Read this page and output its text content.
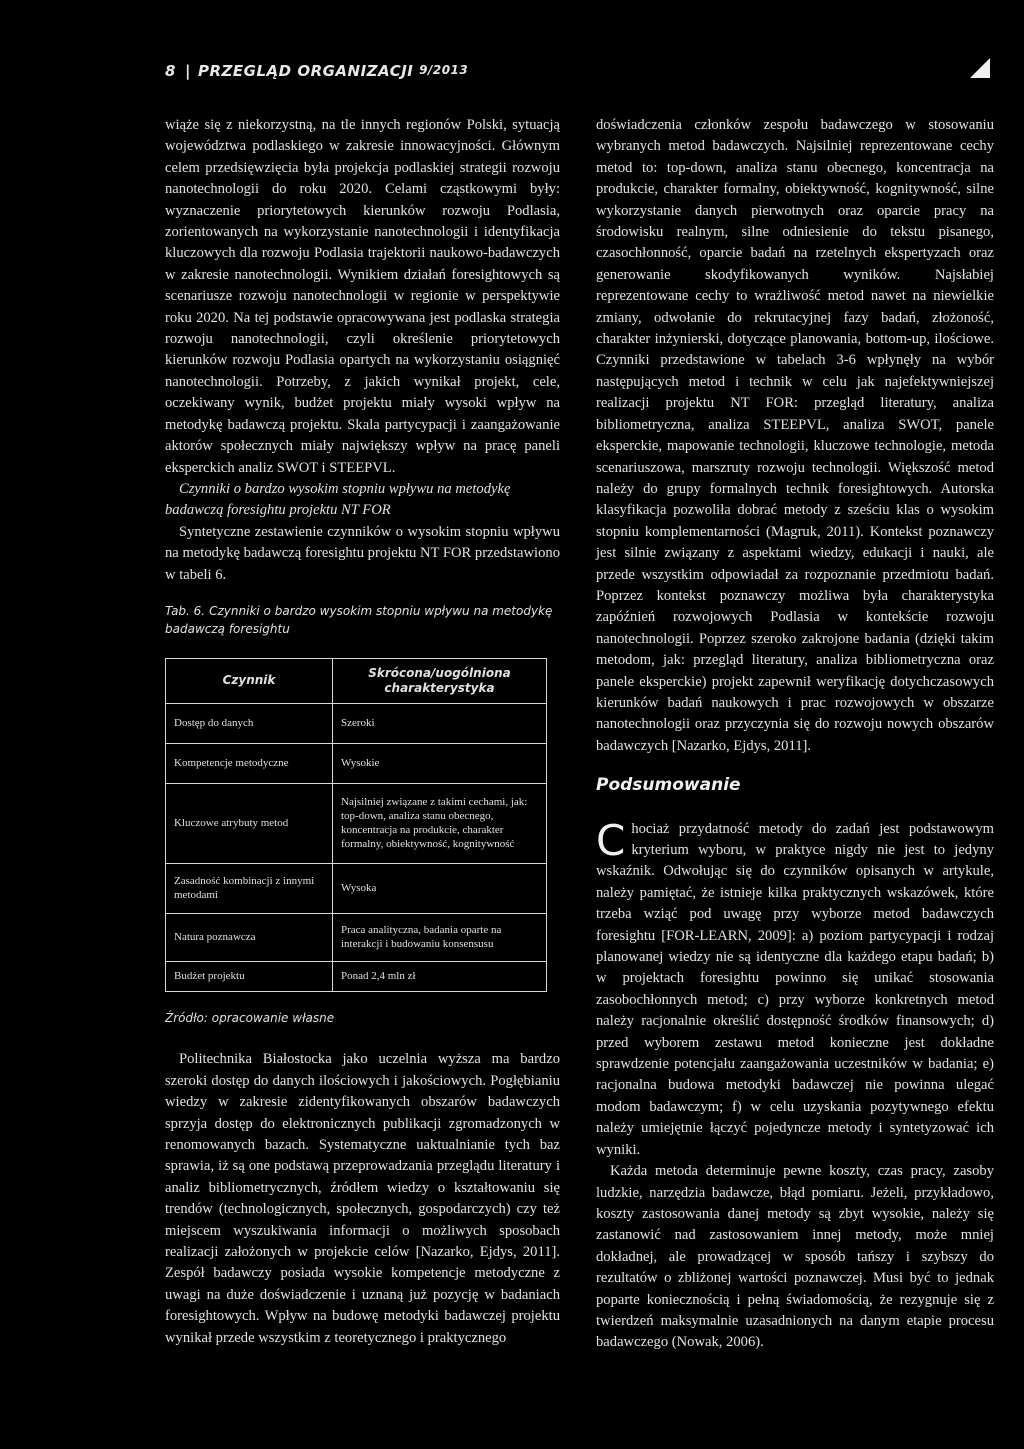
8 | PRZEGLĄD ORGANIZACJI 9/2013

wiąże się z niekorzystną, na tle innych regionów Polski, sytuacją województwa podlaskiego w zakresie innowacyjności. Głównym celem przedsięwzięcia była projekcja podlaskiej strategii rozwoju nanotechnologii do roku 2020. Celami cząstkowymi były: wyznaczenie priorytetowych kierunków rozwoju Podlasia, zorientowanych na wykorzystanie nanotechnologii i identyfikacja kluczowych dla rozwoju Podlasia trajektorii naukowo-badawczych w zakresie nanotechnologii. Wynikiem działań foresightowych są scenariusze rozwoju nanotechnologii w regionie w perspektywie roku 2020. Na tej podstawie opracowywana jest podlaska strategia rozwoju nanotechnologii, czyli określenie priorytetowych kierunków rozwoju Podlasia opartych na wykorzystaniu osiągnięć nanotechnologii. Potrzeby, z jakich wynikał projekt, cele, oczekiwany wynik, budżet projektu miały wysoki wpływ na metodykę badawczą projektu. Skala partycypacji i zaangażowanie aktorów społecznych miały największy wpływ na pracę paneli eksperckich analiz SWOT i STEEPVL.

Czynniki o bardzo wysokim stopniu wpływu na metodykę badawczą foresightu projektu NT FOR

Syntetyczne zestawienie czynników o wysokim stopniu wpływu na metodykę badawczą foresightu projektu NT FOR przedstawiono w tabeli 6.

Tab. 6. Czynniki o bardzo wysokim stopniu wpływu na metodykę badawczą foresightu
Czynnik	Skrócona/uogólniona charakterystyka
Dostęp do danych	Szeroki
Kompetencje metodyczne	Wysokie
Kluczowe atrybuty metod	Najsilniej związane z takimi cechami, jak: top-down, analiza stanu obecnego, koncentracja na produkcie, charakter formalny, obiektywność, kognitywność
Zasadność kombinacji z innymi metodami	Wysoka
Natura poznawcza	Praca analityczna, badania oparte na interakcji i budowaniu konsensusu
Budżet projektu	Ponad 2,4 mln zł
Źródło: opracowanie własne

Politechnika Białostocka jako uczelnia wyższa ma bardzo szeroki dostęp do danych ilościowych i jakościowych. Pogłębianiu wiedzy w zakresie zidentyfikowanych obszarów badawczych sprzyja dostęp do elektronicznych publikacji zgromadzonych w renomowanych bazach. Systematyczne uaktualnianie tych baz sprawia, iż są one podstawą przeprowadzania przeglądu literatury i analiz bibliometrycznych, źródłem wiedzy o kształtowaniu się trendów (technologicznych, społecznych, gospodarczych) czy też miejscem wyszukiwania informacji o możliwych sposobach realizacji założonych w projekcie celów [Nazarko, Ejdys, 2011]. Zespół badawczy posiada wysokie kompetencje metodyczne z uwagi na duże doświadczenie i uznaną już pozycję w badaniach foresightowych. Wpływ na budowę metodyki badawczej projektu wynikał przede wszystkim z teoretycznego i praktycznego

doświadczenia członków zespołu badawczego w stosowaniu wybranych metod badawczych. Najsilniej reprezentowane cechy metod to: top-down, analiza stanu obecnego, koncentracja na produkcie, charakter formalny, obiektywność, kognitywność, silne wykorzystanie danych pierwotnych oraz oparcie pracy na środowisku realnym, silne odniesienie do tekstu pisanego, czasochłonność, oparcie badań na rzetelnych ekspertyzach oraz generowanie skodyfikowanych wyników. Najsłabiej reprezentowane cechy to wrażliwość metod nawet na niewielkie zmiany, odwołanie do rekrutacyjnej fazy badań, złożoność, charakter inżynierski, dotyczące planowania, bottom-up, ilościowe. Czynniki przedstawione w tabelach 3-6 wpłynęły na wybór następujących metod i technik w celu jak najefektywniejszej realizacji projektu NT FOR: przegląd literatury, analiza bibliometryczna, analiza STEEPVL, analiza SWOT, panele eksperckie, mapowanie technologii, kluczowe technologie, metoda scenariuszowa, marszruty rozwoju technologii. Większość metod należy do grupy formalnych technik foresightowych. Autorska klasyfikacja pozwoliła dobrać metody z sześciu klas o wysokim stopniu komplementarności (Magruk, 2011). Kontekst poznawczy jest silnie związany z aspektami wiedzy, edukacji i nauki, ale przede wszystkim odpowiadał za rozpoznanie przedmiotu badań. Poprzez kontekst poznawczy możliwa była charakterystyka zapóźnień rozwojowych Podlasia w kontekście rozwoju nanotechnologii. Poprzez szeroko zakrojone badania (dzięki takim metodom, jak: przegląd literatury, analiza bibliometryczna oraz panele eksperckie) projekt zapewnił weryfikację dotychczasowych kierunków badań naukowych i prac rozwojowych w obszarze nanotechnologii oraz przyczynia się do rozwoju nowych obszarów badawczych [Nazarko, Ejdys, 2011].

Podsumowanie

Chociaż przydatność metody do zadań jest podstawowym kryterium wyboru, w praktyce nigdy nie jest to jedyny wskaźnik. Odwołując się do czynników opisanych w artykule, należy pamiętać, że istnieje kilka praktycznych wskazówek, które trzeba wziąć pod uwagę przy wyborze metod badawczych foresightu [FOR-LEARN, 2009]: a) poziom partycypacji i rodzaj planowanej wiedzy nie są identyczne dla każdego etapu badań; b) w projektach foresightu powinno się unikać stosowania zasobochłonnych metod; c) przy wyborze konkretnych metod należy racjonalnie określić dostępność środków finansowych; d) przed wyborem zestawu metod konieczne jest dokładne sprawdzenie potencjału zaangażowania uczestników w badania; e) racjonalna budowa metodyki badawczej nie powinna ulegać modom badawczym; f) w celu uzyskania pozytywnego efektu należy umiejętnie łączyć pojedyncze metody i syntetyzować ich wyniki.

Każda metoda determinuje pewne koszty, czas pracy, zasoby ludzkie, narzędzia badawcze, błąd pomiaru. Jeżeli, przykładowo, koszty zastosowania danej metody są zbyt wysokie, należy się zastanowić nad zastosowaniem innej metody, może mniej dokładnej, ale prowadzącej w sposób tańszy i szybszy do rezultatów o zbliżonej wartości poznawczej. Musi być to jednak poparte koniecznością i pełną świadomością, że rezygnuje się z twierdzeń maksymalnie uzasadnionych na danym etapie procesu badawczego (Nowak, 2006).
